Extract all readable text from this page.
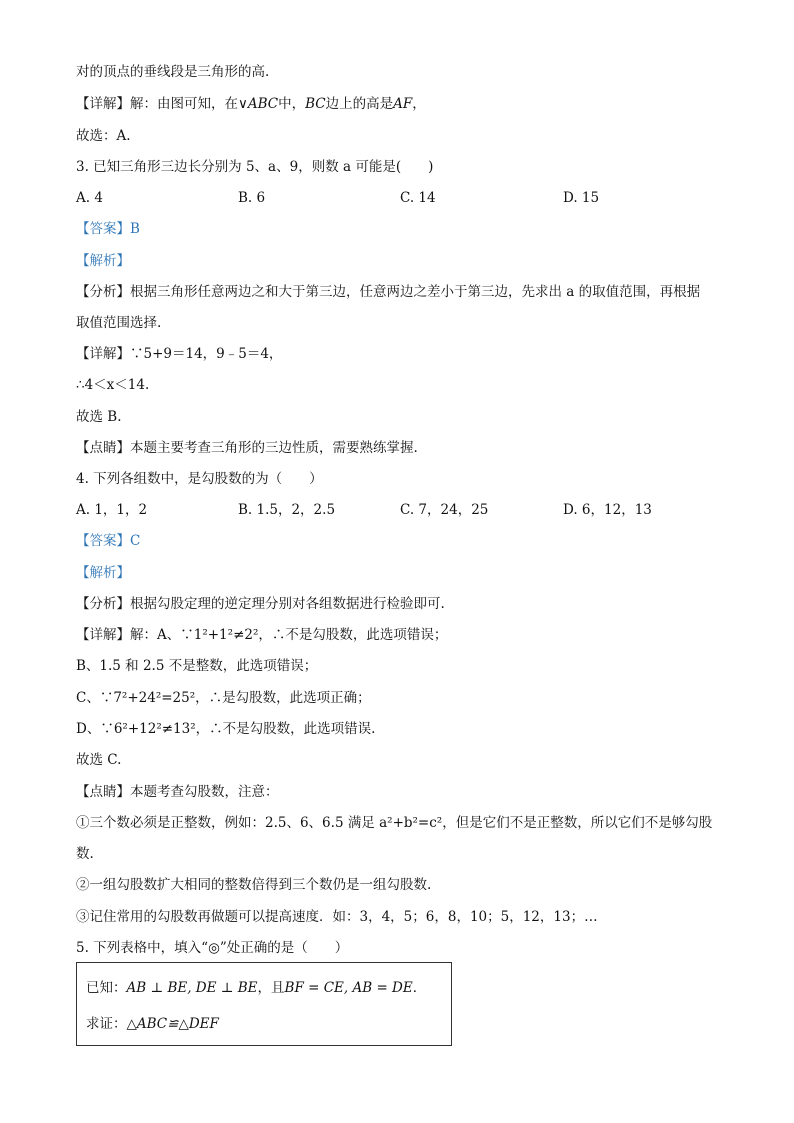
对的顶点的垂线段是三角形的高.
【详解】解：由图可知，在∨ABC中，BC边上的高是AF，
故选：A.
3. 已知三角形三边长分别为 5、a、9，则数 a 可能是(　　)
A. 4	B. 6	C. 14	D. 15
【答案】B
【解析】
【分析】根据三角形任意两边之和大于第三边，任意两边之差小于第三边，先求出 a 的取值范围，再根据
取值范围选择.
【详解】∵5+9＝14，9﹣5＝4，
∴4＜x＜14.
故选 B.
【点睛】本题主要考查三角形的三边性质，需要熟练掌握.
4. 下列各组数中，是勾股数的为（　　）
A. 1，1，2	B. 1.5，2，2.5	C. 7，24，25	D. 6，12，13
【答案】C
【解析】
【分析】根据勾股定理的逆定理分别对各组数据进行检验即可.
【详解】解：A、∵1²+1²≠2²，∴不是勾股数，此选项错误；
B、1.5 和 2.5 不是整数，此选项错误；
C、∵7²+24²=25²，∴是勾股数，此选项正确；
D、∵6²+12²≠13²，∴不是勾股数，此选项错误.
故选 C.
【点睛】本题考查勾股数，注意：
①三个数必须是正整数，例如：2.5、6、6.5 满足 a²+b²=c²，但是它们不是正整数，所以它们不是够勾股
数.
②一组勾股数扩大相同的整数倍得到三个数仍是一组勾股数.
③记住常用的勾股数再做题可以提高速度．如：3，4，5；6，8，10；5，12，13；…
5. 下列表格中，填入“◎”处正确的是（　　）
已知：AB ⊥ BE, DE ⊥ BE，且BF = CE, AB = DE．
求证：△ABC≌△DEF
